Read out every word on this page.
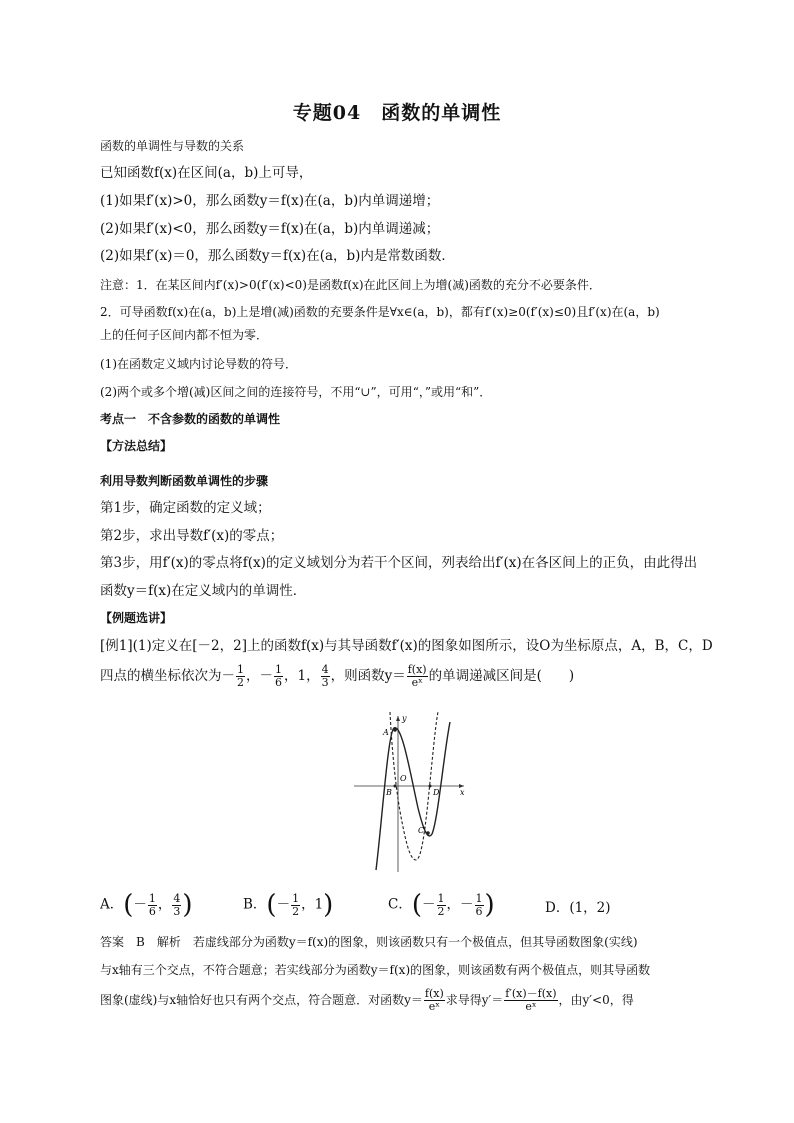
专题04　函数的单调性
函数的单调性与导数的关系
已知函数f(x)在区间(a，b)上可导，
(1)如果f′(x)>0，那么函数y＝f(x)在(a，b)内单调递增；
(2)如果f′(x)<0，那么函数y＝f(x)在(a，b)内单调递减；
(2)如果f′(x)＝0，那么函数y＝f(x)在(a，b)内是常数函数．
注意：1．在某区间内f′(x)>0(f′(x)<0)是函数f(x)在此区间上为增(减)函数的充分不必要条件．
2．可导函数f(x)在(a，b)上是增(减)函数的充要条件是∀x∈(a，b)，都有f′(x)≥0(f′(x)≤0)且f′(x)在(a，b)
上的任何子区间内都不恒为零．
(1)在函数定义域内讨论导数的符号．
(2)两个或多个增(减)区间之间的连接符号，不用“∪”，可用“，”或用“和”．
考点一　不含参数的函数的单调性
【方法总结】
利用导数判断函数单调性的步骤
第1步，确定函数的定义域；
第2步，求出导数f′(x)的零点；
第3步，用f′(x)的零点将f(x)的定义域划分为若干个区间，列表给出f′(x)在各区间上的正负，由此得出
函数y＝f(x)在定义域内的单调性．
【例题选讲】
[例1](1)定义在[－2，2]上的函数f(x)与其导函数f′(x)的图象如图所示，设O为坐标原点，A，B，C，D
四点的横坐标依次为－ $\frac{1}{2}$ ，－ $\frac{1}{6}$ ，1， $\frac{4}{3}$ ，则函数$y= \frac{f(x)}{\text{eˣ}}$ 的单调递减区间是(　　)
y
x
A
O
B	D
C
A．(－ $\frac{1}{6}$ ， $\frac{4}{3}$ )	B．(－ $\frac{1}{2}$ ，1)	C．(－ $\frac{1}{2}$ ，－ $\frac{1}{6}$ )	D．(1，2)
答案　B　解析　若虚线部分为函数y＝f(x)的图象，则该函数只有一个极值点，但其导函数图象(实线)
与x轴有三个交点，不符合题意；若实线部分为函数y＝f(x)的图象，则该函数有两个极值点，则其导函数
图象(虚线)与x轴恰好也只有两个交点，符合题意．对函数$y= \frac{f(x)}{\text{eˣ}}$ 求导得$y'= \frac{f'(x)-f(x)}{\text{eˣ}}$ ，由y′<0，得
